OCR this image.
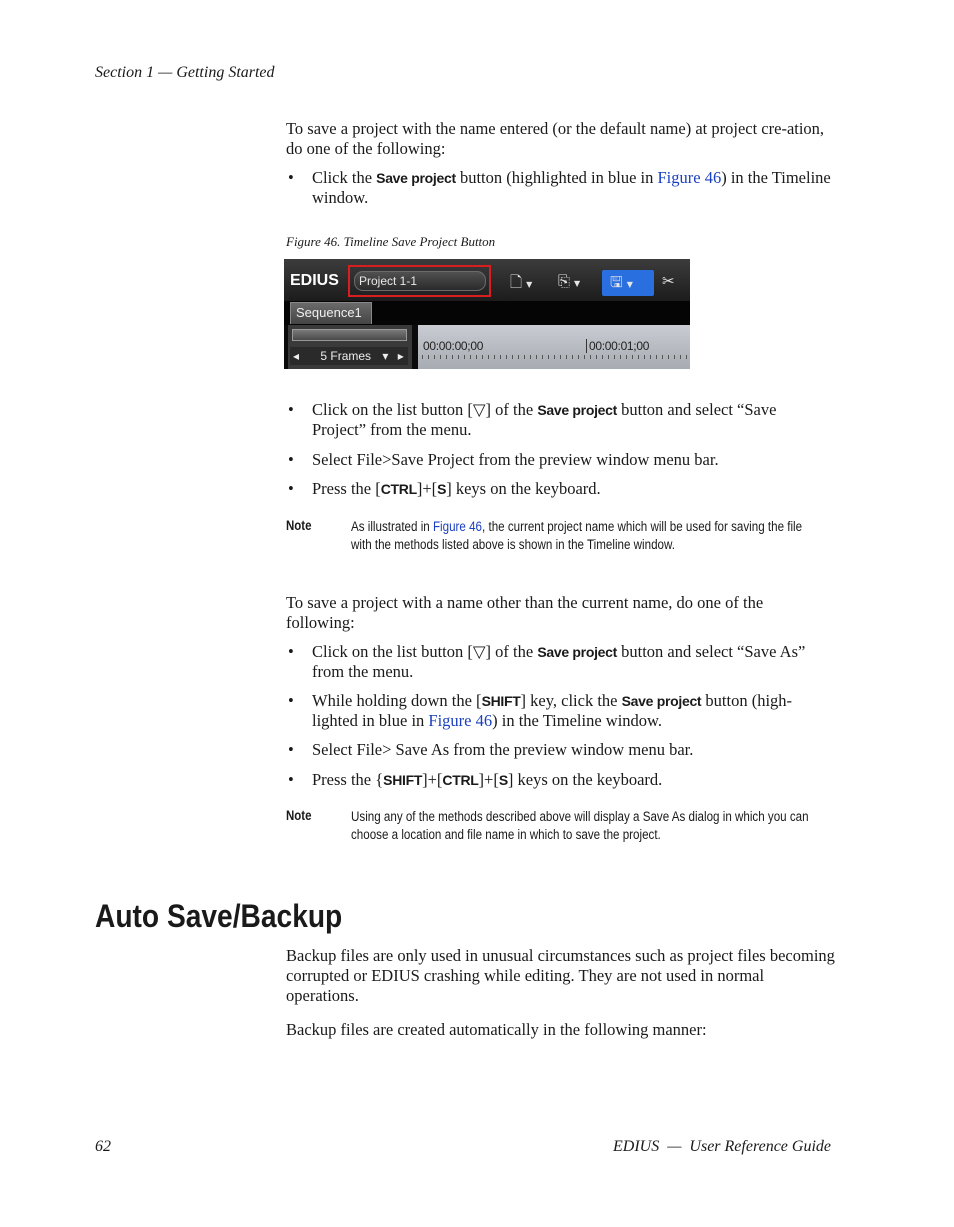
Section 1 — Getting Started
To save a project with the name entered (or the default name) at project cre-ation, do one of the following:
• Click the Save project button (highlighted in blue in Figure 46) in the Timeline window.
Figure 46. Timeline Save Project Button
EDIUS	Project 1-1	🗋 ▼ ⎘ ▼ 🖫 ▼ ✂
Sequence1
◂ 5 Frames ▾ ▸
00:00:00;00	00:00:01;00
• Click on the list button [▽] of the Save project button and select “Save Project” from the menu.
• Select File>Save Project from the preview window menu bar.
• Press the [CTRL]+[S] keys on the keyboard.
Note	As illustrated in Figure 46, the current project name which will be used for saving the file with the methods listed above is shown in the Timeline window.
To save a project with a name other than the current name, do one of the following:
• Click on the list button [▽] of the Save project button and select “Save As” from the menu.
• While holding down the [SHIFT] key, click the Save project button (high-lighted in blue in Figure 46) in the Timeline window.
• Select File> Save As from the preview window menu bar.
• Press the {SHIFT]+[CTRL]+[S] keys on the keyboard.
Note	Using any of the methods described above will display a Save As dialog in which you can choose a location and file name in which to save the project.
Auto Save/Backup
Backup files are only used in unusual circumstances such as project files becoming corrupted or EDIUS crashing while editing. They are not used in normal operations.
Backup files are created automatically in the following manner:
62	EDIUS  —  User Reference Guide
